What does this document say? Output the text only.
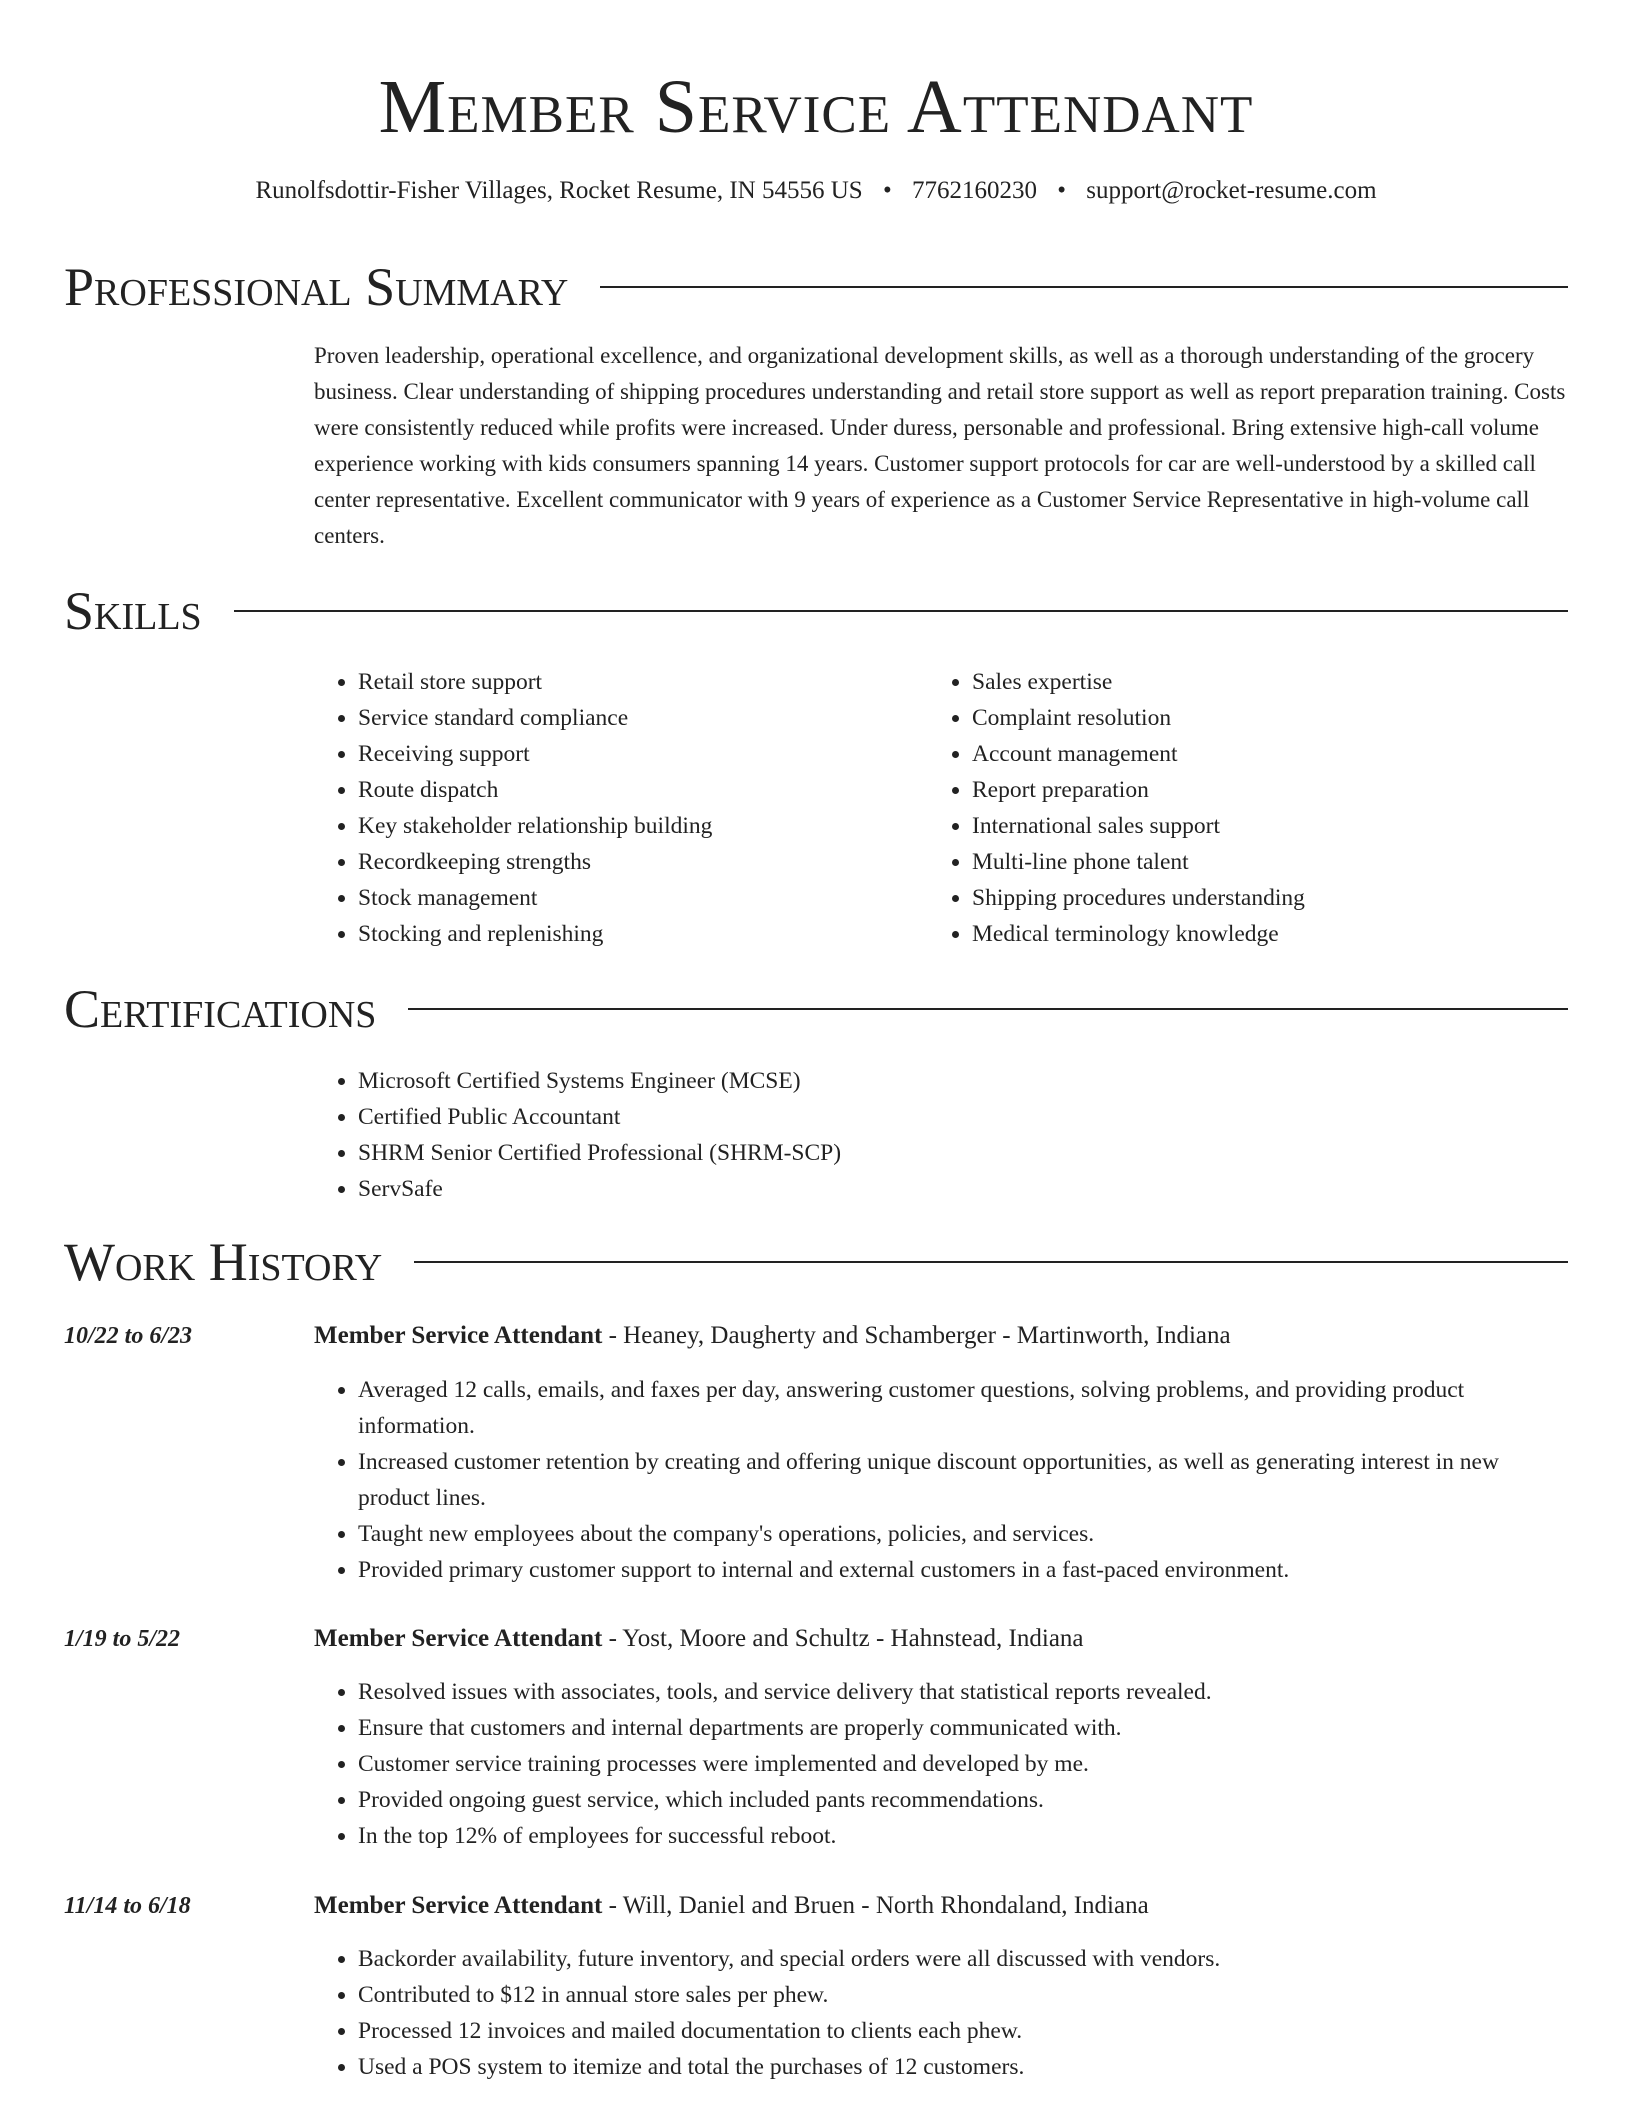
Member Service Attendant
Runolfsdottir-Fisher Villages, Rocket Resume, IN 54556 US • 7762160230 • support@rocket-resume.com
Professional Summary

Proven leadership, operational excellence, and organizational development skills, as well as a thorough understanding of the grocery business. Clear understanding of shipping procedures understanding and retail store support as well as report preparation training. Costs were consistently reduced while profits were increased. Under duress, personable and professional. Bring extensive high-call volume experience working with kids consumers spanning 14 years. Customer support protocols for car are well-understood by a skilled call center representative. Excellent communicator with 9 years of experience as a Customer Service Representative in high-volume call centers.

Skills
• Retail store support
• Service standard compliance
• Receiving support
• Route dispatch
• Key stakeholder relationship building
• Recordkeeping strengths
• Stock management
• Stocking and replenishing
• Sales expertise
• Complaint resolution
• Account management
• Report preparation
• International sales support
• Multi-line phone talent
• Shipping procedures understanding
• Medical terminology knowledge
Certifications
• Microsoft Certified Systems Engineer (MCSE)
• Certified Public Accountant
• SHRM Senior Certified Professional (SHRM-SCP)
• ServSafe
Work History
10/22 to 6/23	Member Service Attendant - Heaney, Daugherty and Schamberger - Martinworth, Indiana
• Averaged 12 calls, emails, and faxes per day, answering customer questions, solving problems, and providing product information.
• Increased customer retention by creating and offering unique discount opportunities, as well as generating interest in new product lines.
• Taught new employees about the company's operations, policies, and services.
• Provided primary customer support to internal and external customers in a fast-paced environment.
1/19 to 5/22	Member Service Attendant - Yost, Moore and Schultz - Hahnstead, Indiana
• Resolved issues with associates, tools, and service delivery that statistical reports revealed.
• Ensure that customers and internal departments are properly communicated with.
• Customer service training processes were implemented and developed by me.
• Provided ongoing guest service, which included pants recommendations.
• In the top 12% of employees for successful reboot.
11/14 to 6/18	Member Service Attendant - Will, Daniel and Bruen - North Rhondaland, Indiana
• Backorder availability, future inventory, and special orders were all discussed with vendors.
• Contributed to $12 in annual store sales per phew.
• Processed 12 invoices and mailed documentation to clients each phew.
• Used a POS system to itemize and total the purchases of 12 customers.
